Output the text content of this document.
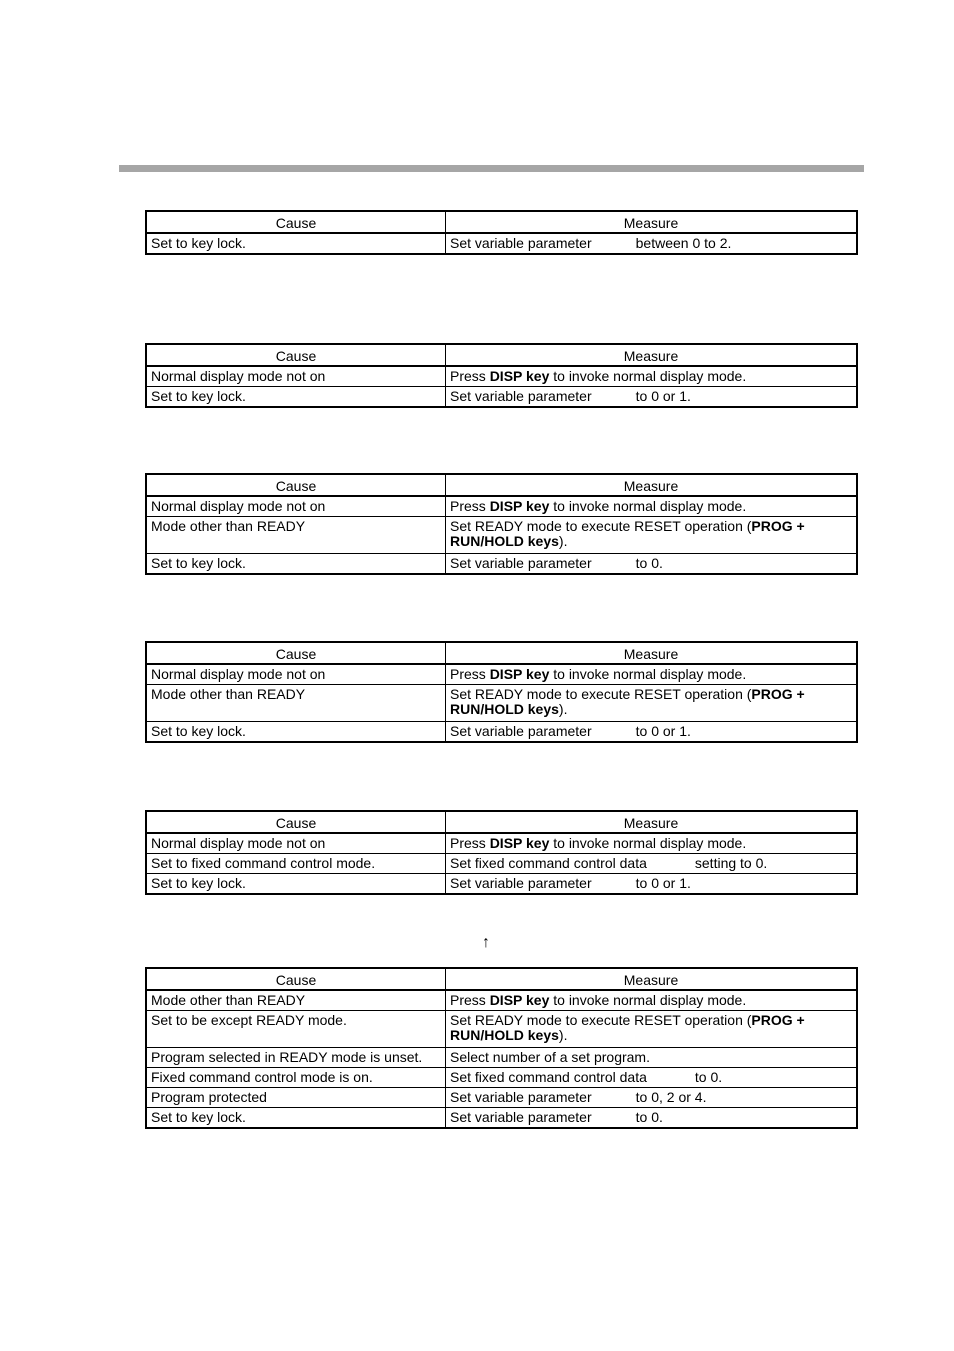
Cause	Measure
Set to key lock.	Set variable parameter between 0 to 2.
Cause	Measure
Normal display mode not on	Press DISP key to invoke normal display mode.
Set to key lock.	Set variable parameter to 0 or 1.
Cause	Measure
Normal display mode not on	Press DISP key to invoke normal display mode.
Mode other than READY	Set READY mode to execute RESET operation (PROG + RUN/HOLD keys).
Set to key lock.	Set variable parameter to 0.
Cause	Measure
Normal display mode not on	Press DISP key to invoke normal display mode.
Mode other than READY	Set READY mode to execute RESET operation (PROG + RUN/HOLD keys).
Set to key lock.	Set variable parameter to 0 or 1.
Cause	Measure
Normal display mode not on	Press DISP key to invoke normal display mode.
Set to fixed command control mode.	Set fixed command control data setting to 0.
Set to key lock.	Set variable parameter to 0 or 1.
↑
Cause	Measure
Mode other than READY	Press DISP key to invoke normal display mode.
Set to be except READY mode.	Set READY mode to execute RESET operation (PROG + RUN/HOLD keys).
Program selected in READY mode is unset.	Select number of a set program.
Fixed command control mode is on.	Set fixed command control data to 0.
Program protected	Set variable parameter to 0, 2 or 4.
Set to key lock.	Set variable parameter to 0.
